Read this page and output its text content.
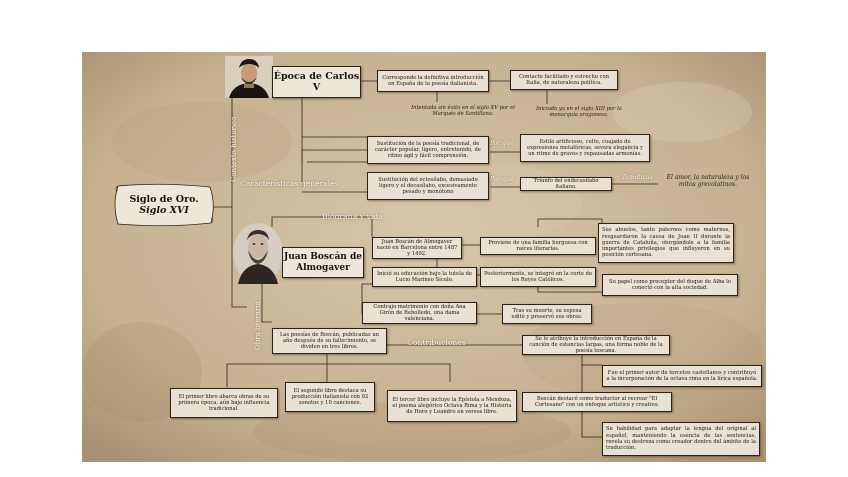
Siglo de Oro.
Siglo XVI
Época de Carlos V
Juan Boscán de
Almogaver
Contexto histórico
Características generales
Biografía y vida
Obra literaria	Contribuciones
Por qué
Por qué
Corresponde la definitiva introducción en España de la poesía italianista.
Contacto facilitado y estrecho con Italia, de naturaleza política.
Intentada sin éxito en el siglo XV por el Marqués de Santillana.
Iniciado ya en el siglo XIII por la monarquía aragonesa.
Sustitución de la poesía tradicional, de carácter popular, ligero, entretenido, de ritmo ágil y fácil comprensión.
Estilo artificioso, culto, cuajado de expresiones metafóricas, severa elegancia y un ritmo de graves y repausadas armonías.
Sustitución del octosílabo, demasiado ligero y el decasílabo, excesivamente pesado y monótono
Triunfo del endecasílabo italiano.
Temáticas	El amor, la naturaleza y los mitos grecolatinos.
Juan Boscán de Almogaver nació en Barcelona entre 1487 y 1492.
Proviene de una familia burguesa con raíces literarias.
Sus abuelos, tanto paternos como maternos, resguardaron la causa de Juan II durante la guerra de Cataluña, otorgándole a la familia importantes privilegios que influyeron en su posición cortesana.
Inició su educación bajo la tutela de Lucio Marineo Sículo.
Posteriormente, se integró en la corte de los Reyes Católicos.	Su papel como preceptor del duque de Alba lo conectó con la alta sociedad.
Contrajo matrimonio con doña Ana Girón de Rebolledo, una dama valenciana.
Tras su muerte, su esposa editó y preservó sus obras.
Las poesías de Boscán, publicadas un año después de su fallecimiento, se dividen en tres libros.
El primer libro abarca obras de su primera época, aún bajo influencia tradicional.
El segundo libro destaca su producción italianista con 92 sonetos y 10 canciones.
El tercer libro incluye la Epístola a Mendoza, el poema alegórico Octava Rima y la Historia de Hero y Leandro en versos libre.
Se le atribuye la introducción en España de la canción de estancias largas, una forma noble de la poesía toscana.
Fue el primer autor de tercetos castellanos y contribuyó a la incorporación de la octava rima en la lírica española.
Boscán destacó como traductor al recrear "El Cortesano" con un enfoque artístico y creativo.
Su habilidad para adaptar la lengua del original al español, manteniendo la esencia de las sentencias, revela su destreza como creador dentro del ámbito de la traducción.
